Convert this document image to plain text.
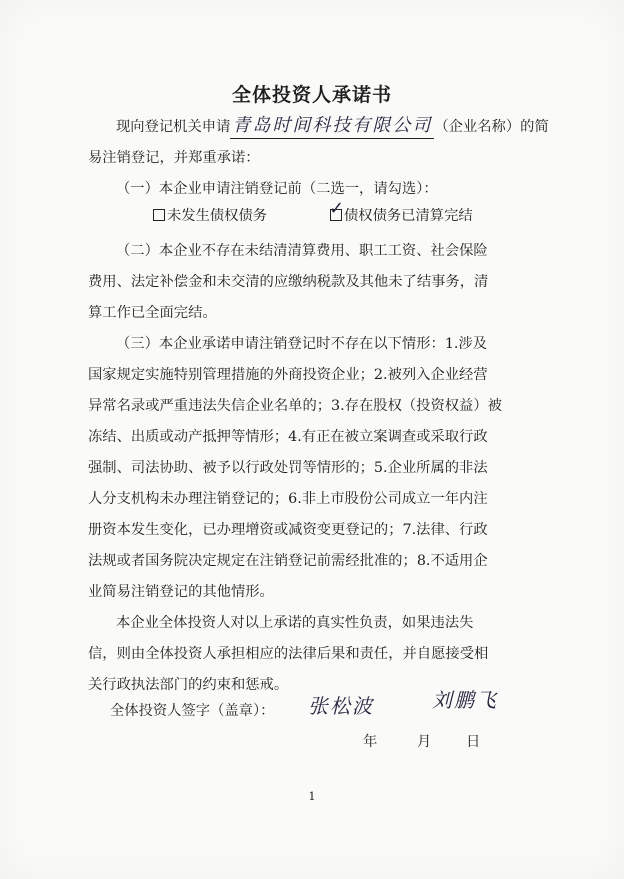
全体投资人承诺书
现向登记机关申请 青岛时间科技有限公司 （企业名称）的简
易注销登记，并郑重承诺：
（一）本企业申请注销登记前（二选一，请勾选）：
未发生债权债务	✓ 债权债务已清算完结
（二）本企业不存在未结清清算费用、职工工资、社会保险
费用、法定补偿金和未交清的应缴纳税款及其他未了结事务，清
算工作已全面完结。
（三）本企业承诺申请注销登记时不存在以下情形：1.涉及
国家规定实施特别管理措施的外商投资企业；2.被列入企业经营
异常名录或严重违法失信企业名单的；3.存在股权（投资权益）被
冻结、出质或动产抵押等情形；4.有正在被立案调查或采取行政
强制、司法协助、被予以行政处罚等情形的；5.企业所属的非法
人分支机构未办理注销登记的；6.非上市股份公司成立一年内注
册资本发生变化，已办理增资或减资变更登记的；7.法律、行政
法规或者国务院决定规定在注销登记前需经批准的；8.不适用企
业简易注销登记的其他情形。
本企业全体投资人对以上承诺的真实性负责，如果违法失
信，则由全体投资人承担相应的法律后果和责任，并自愿接受相
关行政执法部门的约束和惩戒。
全体投资人签字（盖章）： 张松波	刘鹏飞
年	月 日
1
